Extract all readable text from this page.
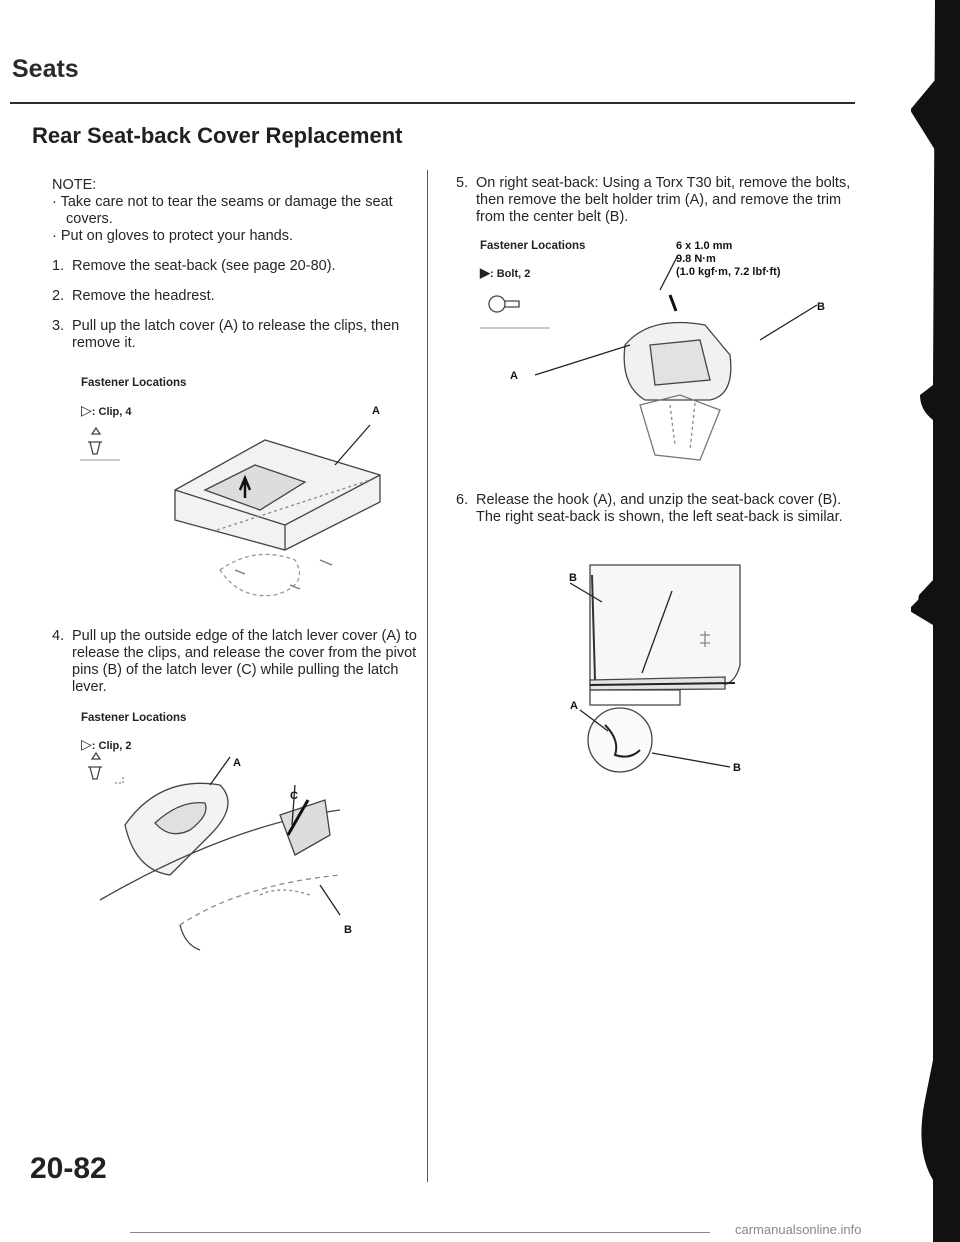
Seats
Rear Seat-back Cover Replacement
NOTE:
· Take care not to tear the seams or damage the seat covers.
· Put on gloves to protect your hands.
1. Remove the seat-back (see page 20-80).
2. Remove the headrest.
3. Pull up the latch cover (A) to release the clips, then remove it.
Fastener Locations
▷: Clip, 4	A
4. Pull up the outside edge of the latch lever cover (A) to release the clips, and release the cover from the pivot pins (B) of the latch lever (C) while pulling the latch lever.
Fastener Locations
▷: Clip, 2
A
C
B
5. On right seat-back: Using a Torx T30 bit, remove the bolts, then remove the belt holder trim (A), and remove the trim from the center belt (B).
Fastener Locations
▶: Bolt, 2
6 x 1.0 mm
9.8 N·m
(1.0 kgf·m, 7.2 lbf·ft)
B
A
6. Release the hook (A), and unzip the seat-back cover (B). The right seat-back is shown, the left seat-back is similar.
B
A
B
20-82
carmanualsonline.info
